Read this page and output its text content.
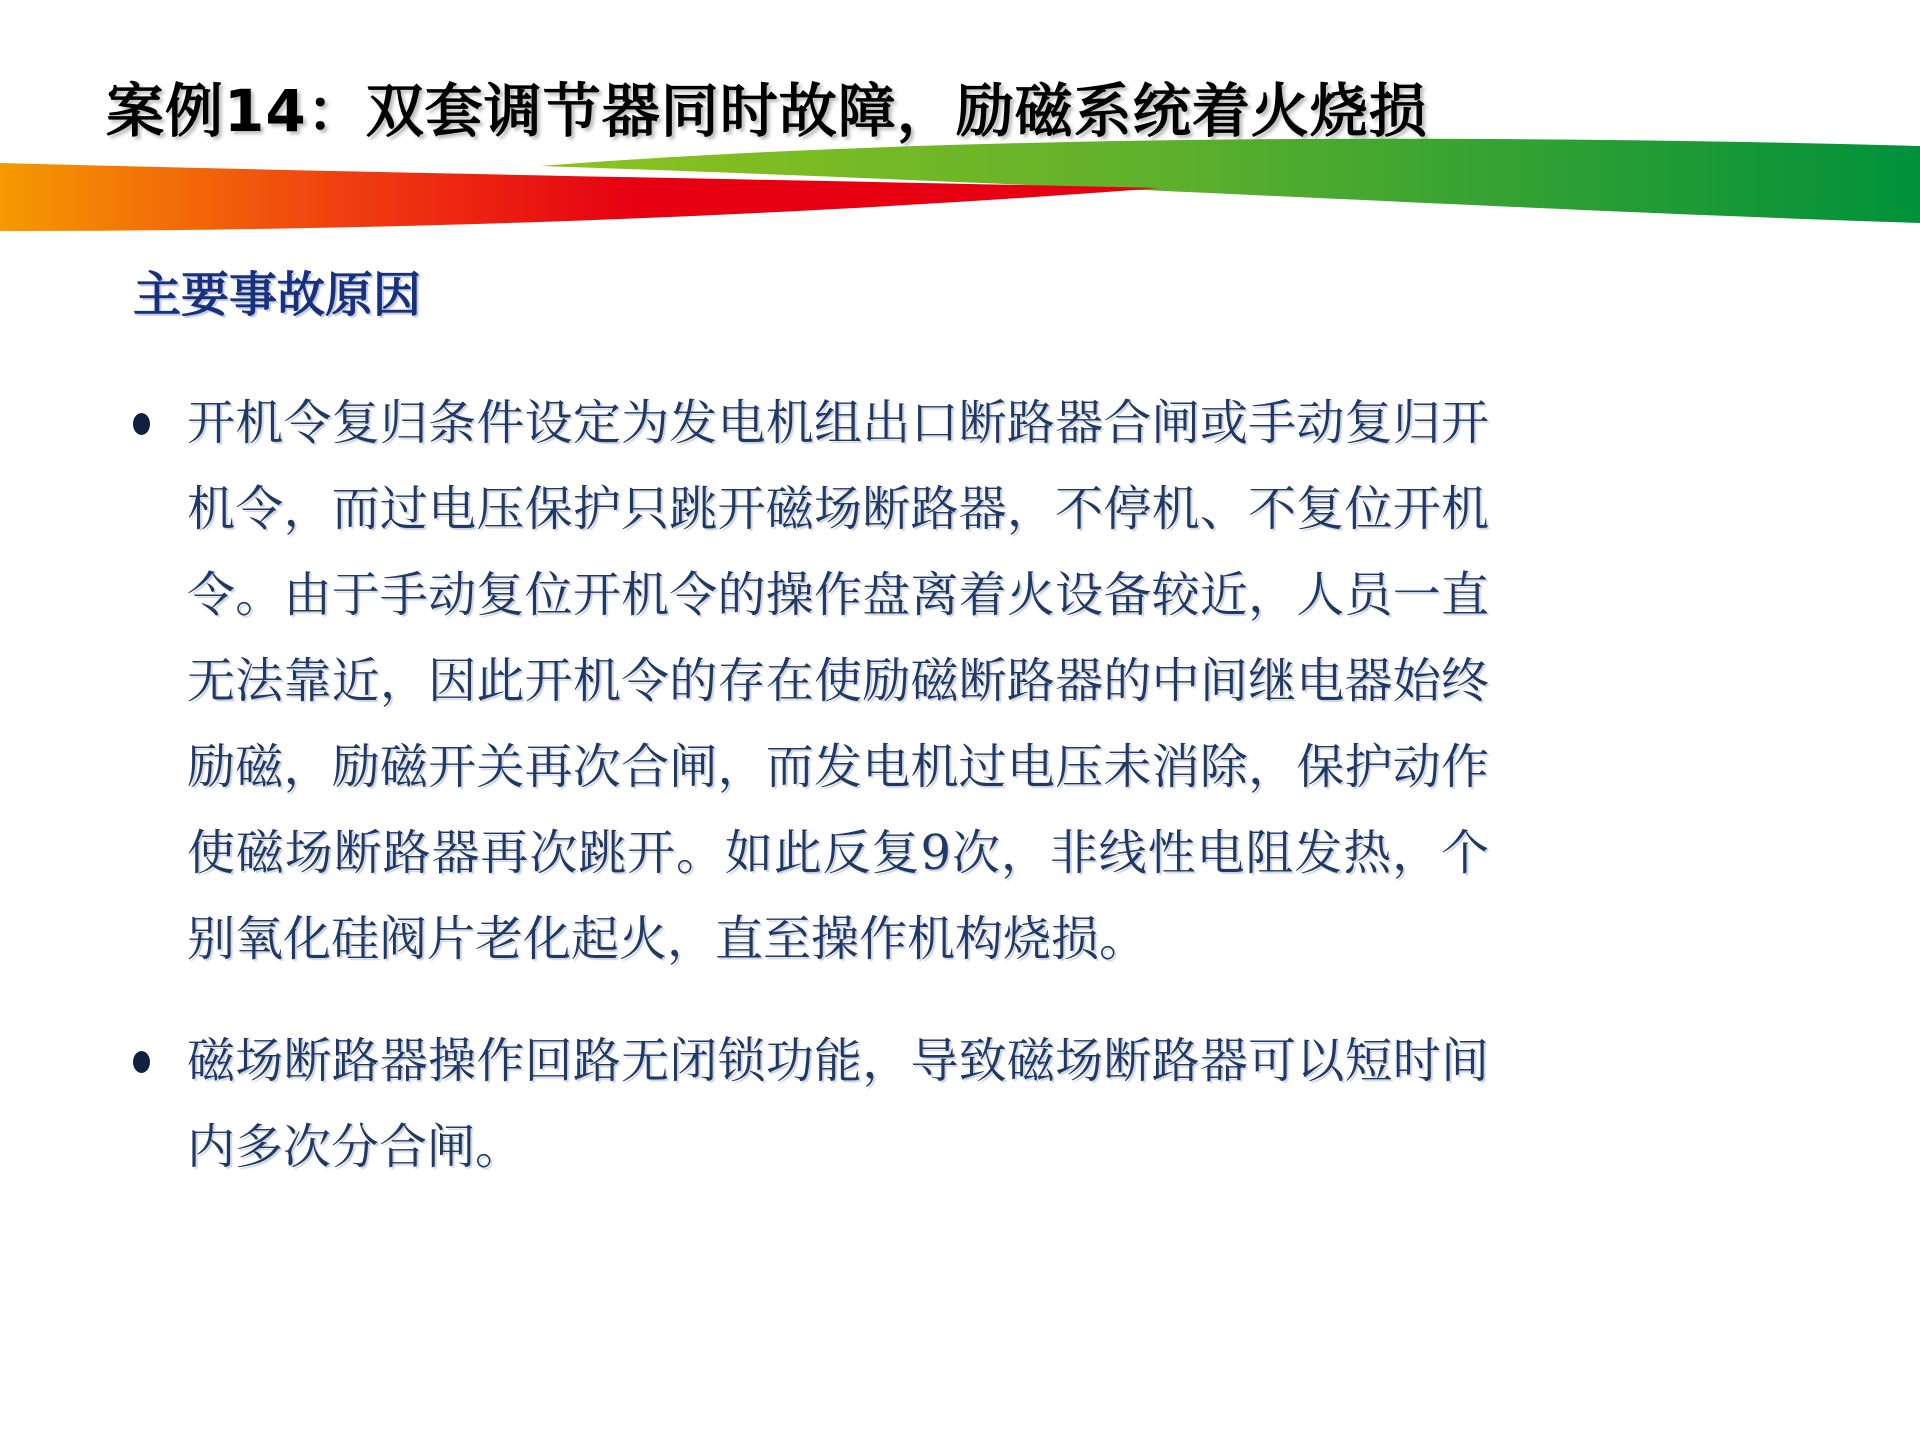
案例14：双套调节器同时故障，励磁系统着火烧损
主要事故原因
开机令复归条件设定为发电机组出口断路器合闸或手动复归开机令，而过电压保护只跳开磁场断路器，不停机、不复位开机令。由于手动复位开机令的操作盘离着火设备较近，人员一直无法靠近，因此开机令的存在使励磁断路器的中间继电器始终励磁，励磁开关再次合闸，而发电机过电压未消除，保护动作使磁场断路器再次跳开。如此反复9次，非线性电阻发热，个别氧化硅阀片老化起火，直至操作机构烧损。
磁场断路器操作回路无闭锁功能，导致磁场断路器可以短时间内多次分合闸。
